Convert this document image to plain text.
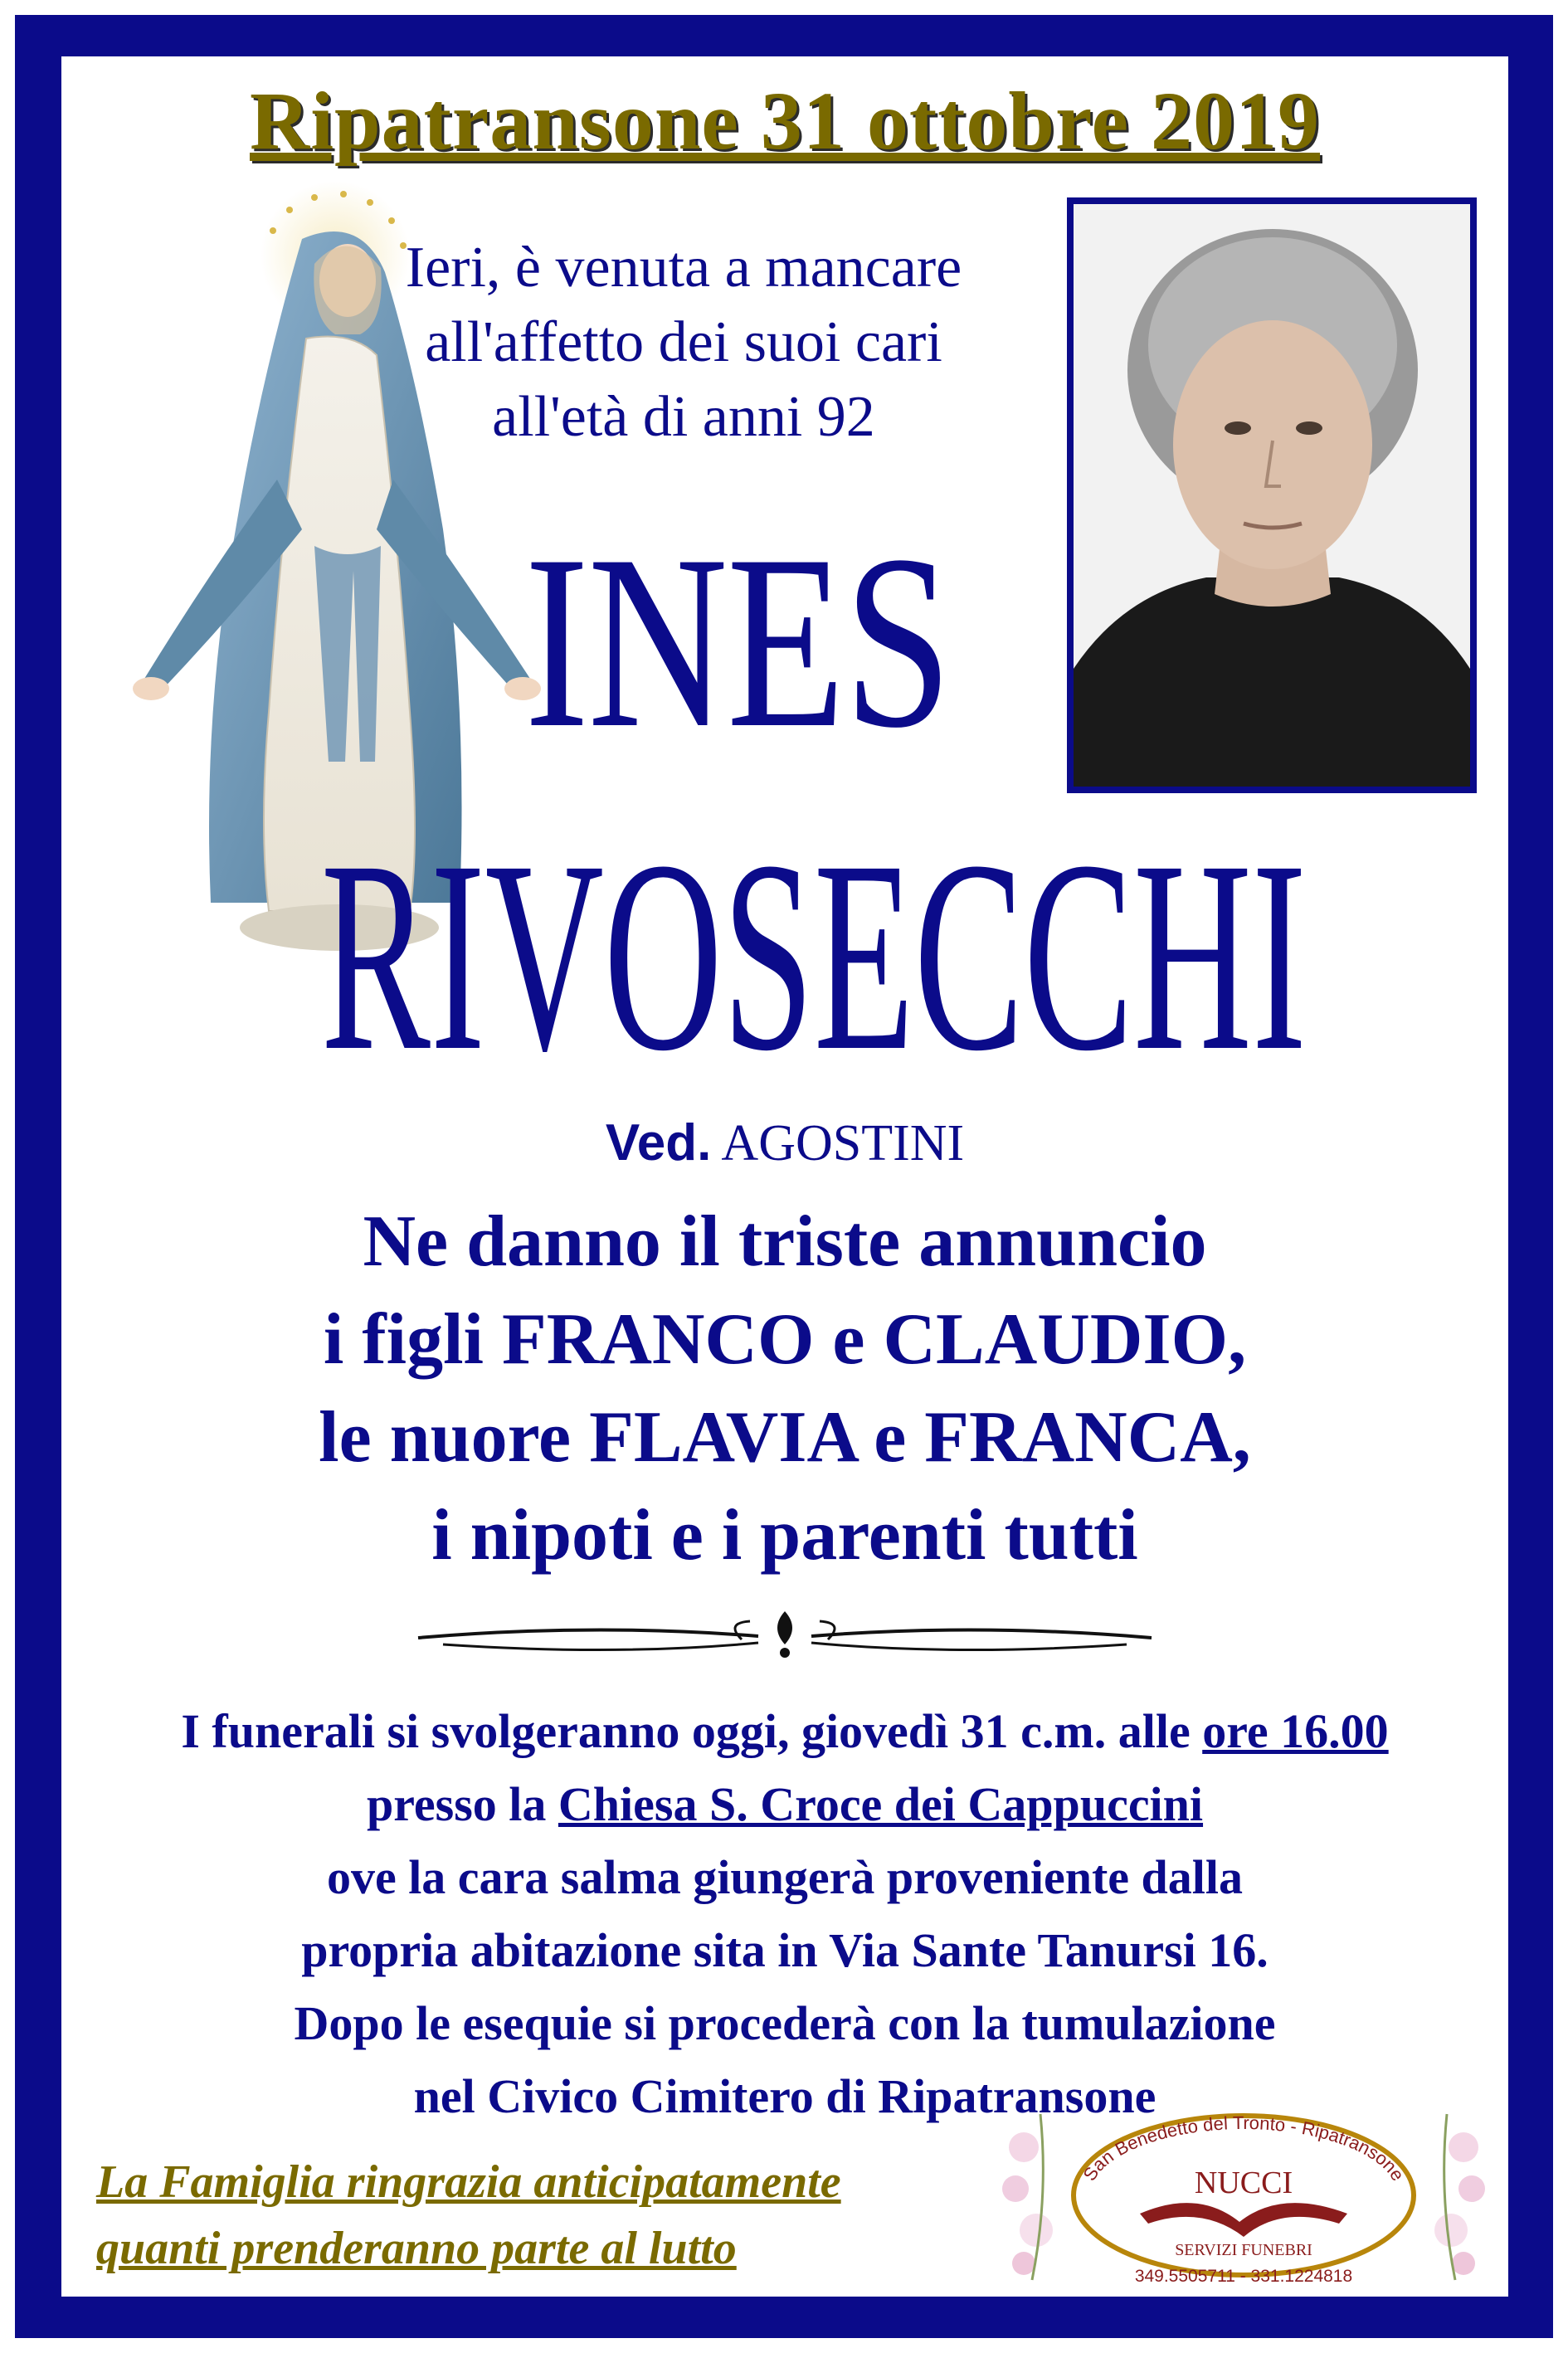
Ripatransone 31 ottobre 2019
Ieri, è venuta a mancare
all'affetto dei suoi cari
all'età di anni 92
INES
RIVOSECCHI
Ved. AGOSTINI
Ne danno il triste annuncio
i figli FRANCO e CLAUDIO,
le nuore FLAVIA e FRANCA,
i nipoti e i parenti tutti
I funerali si svolgeranno oggi, giovedì 31 c.m. alle ore 16.00
presso la Chiesa S. Croce dei Cappuccini
ove la cara salma giungerà proveniente dalla
propria abitazione sita in Via Sante Tanursi 16.
Dopo le esequie si procederà con la tumulazione
nel Civico Cimitero di Ripatransone
La Famiglia ringrazia anticipatamente
quanti prenderanno parte al lutto
San Benedetto del Tronto - Ripatransone
NUCCI
SERVIZI FUNEBRI
349.5505711 - 331.1224818
